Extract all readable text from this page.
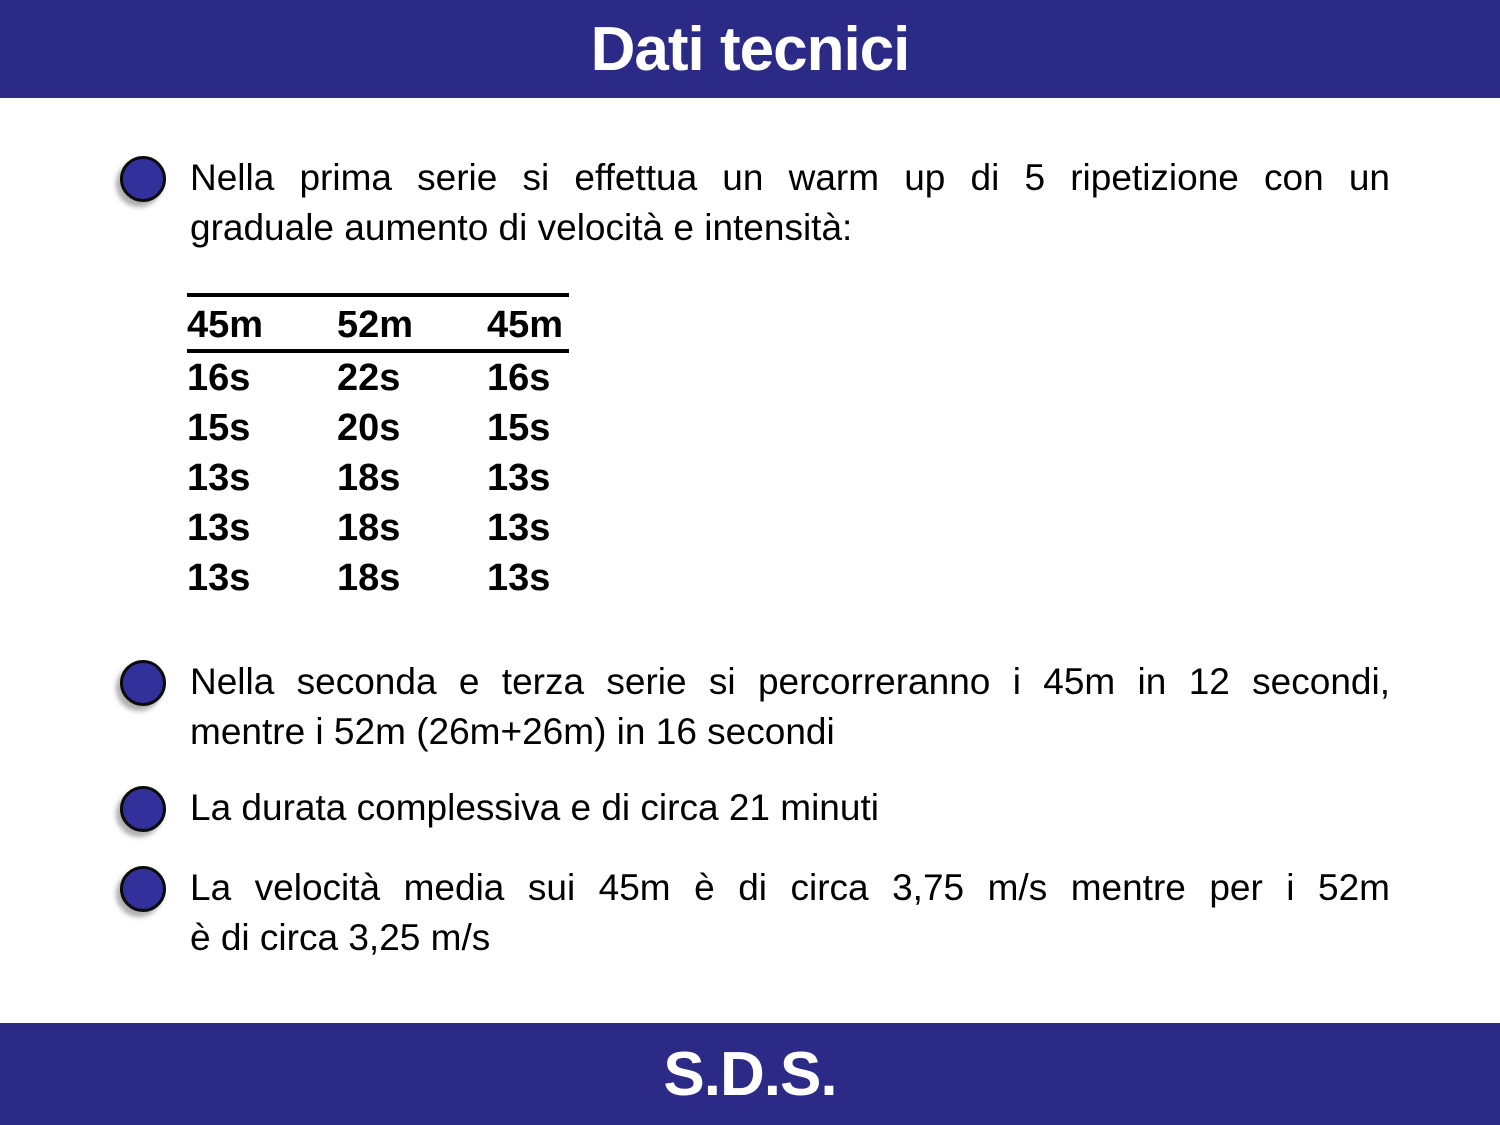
Dati tecnici
Nella prima serie si effettua un warm up di 5 ripetizione con un
graduale aumento di velocità e intensità:
45m	52m	45m
16s	22s	16s
15s	20s	15s
13s	18s	13s
13s	18s	13s
13s	18s	13s
Nella seconda e terza serie si percorreranno i 45m in 12 secondi,
mentre i 52m (26m+26m) in 16 secondi
La durata complessiva e di circa 21 minuti
La velocità media sui 45m è di circa 3,75 m/s mentre per i 52m
è di circa 3,25 m/s
S.D.S.
